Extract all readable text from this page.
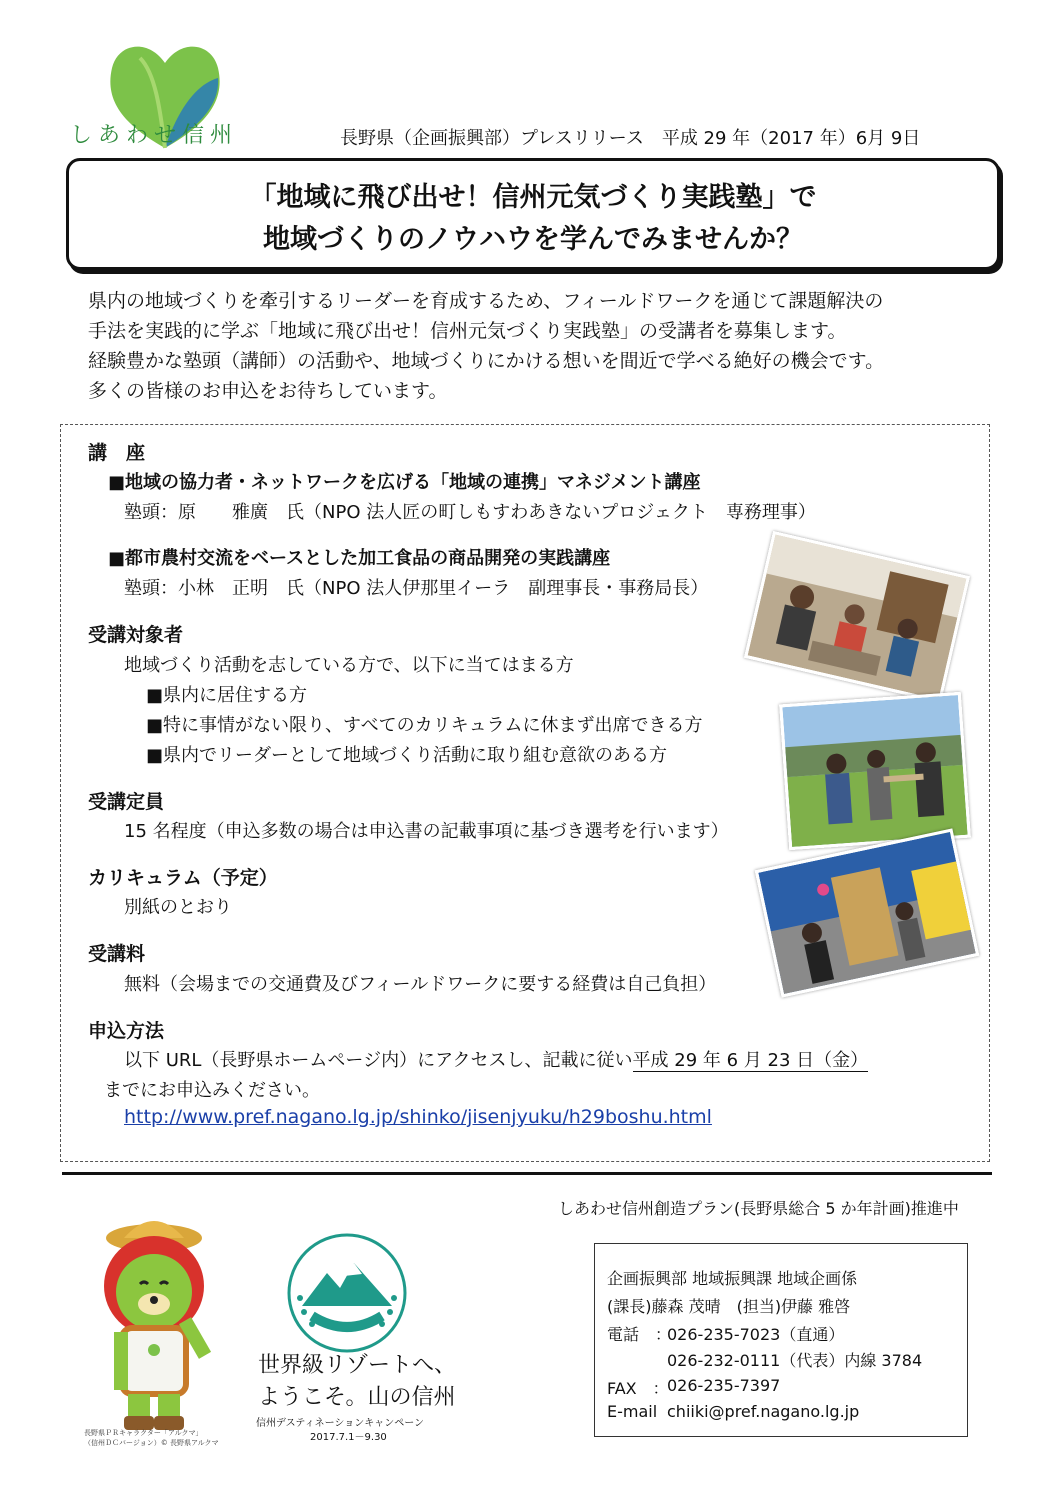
しあわせ信州	長野県（企画振興部）プレスリリース　平成 29 年（2017 年）6月 9日
「地域に飛び出せ！信州元気づくり実践塾」で
地域づくりのノウハウを学んでみませんか？
県内の地域づくりを牽引するリーダーを育成するため、フィールドワークを通じて課題解決の
手法を実践的に学ぶ「地域に飛び出せ！信州元気づくり実践塾」の受講者を募集します。
経験豊かな塾頭（講師）の活動や、地域づくりにかける想いを間近で学べる絶好の機会です。
多くの皆様のお申込をお待ちしています。
講　座
■地域の協力者・ネットワークを広げる「地域の連携」マネジメント講座
塾頭：原　　雅廣　氏（NPO 法人匠の町しもすわあきないプロジェクト　専務理事）
■都市農村交流をベースとした加工食品の商品開発の実践講座
塾頭：小林　正明　氏（NPO 法人伊那里イーラ　副理事長・事務局長）
受講対象者
地域づくり活動を志している方で、以下に当てはまる方
■県内に居住する方
■特に事情がない限り、すべてのカリキュラムに休まず出席できる方
■県内でリーダーとして地域づくり活動に取り組む意欲のある方
受講定員
15 名程度（申込多数の場合は申込書の記載事項に基づき選考を行います）
カリキュラム（予定）
別紙のとおり
受講料
無料（会場までの交通費及びフィールドワークに要する経費は自己負担）
申込方法
以下 URL（長野県ホームページ内）にアクセスし、記載に従い平成 29 年 6 月 23 日（金）
までにお申込みください。
http://www.pref.nagano.lg.jp/shinko/jisenjyuku/h29boshu.html
しあわせ信州創造プラン(長野県総合 5 か年計画)推進中
長野県ＰＲキャラクター「アルクマ」
（信州ＤＣバージョン）© 長野県アルクマ
世界級リゾートへ、
ようこそ。山の信州
信州デスティネーションキャンペーン
2017.7.1－9.30
企画振興部 地域振興課 地域企画係
(課長)藤森 茂晴　(担当)伊藤 雅啓
電話　：
026-235-7023（直通）
026-232-0111（代表）内線 3784
FAX　：
026-235-7397
E-mail chiiki@pref.nagano.lg.jp
